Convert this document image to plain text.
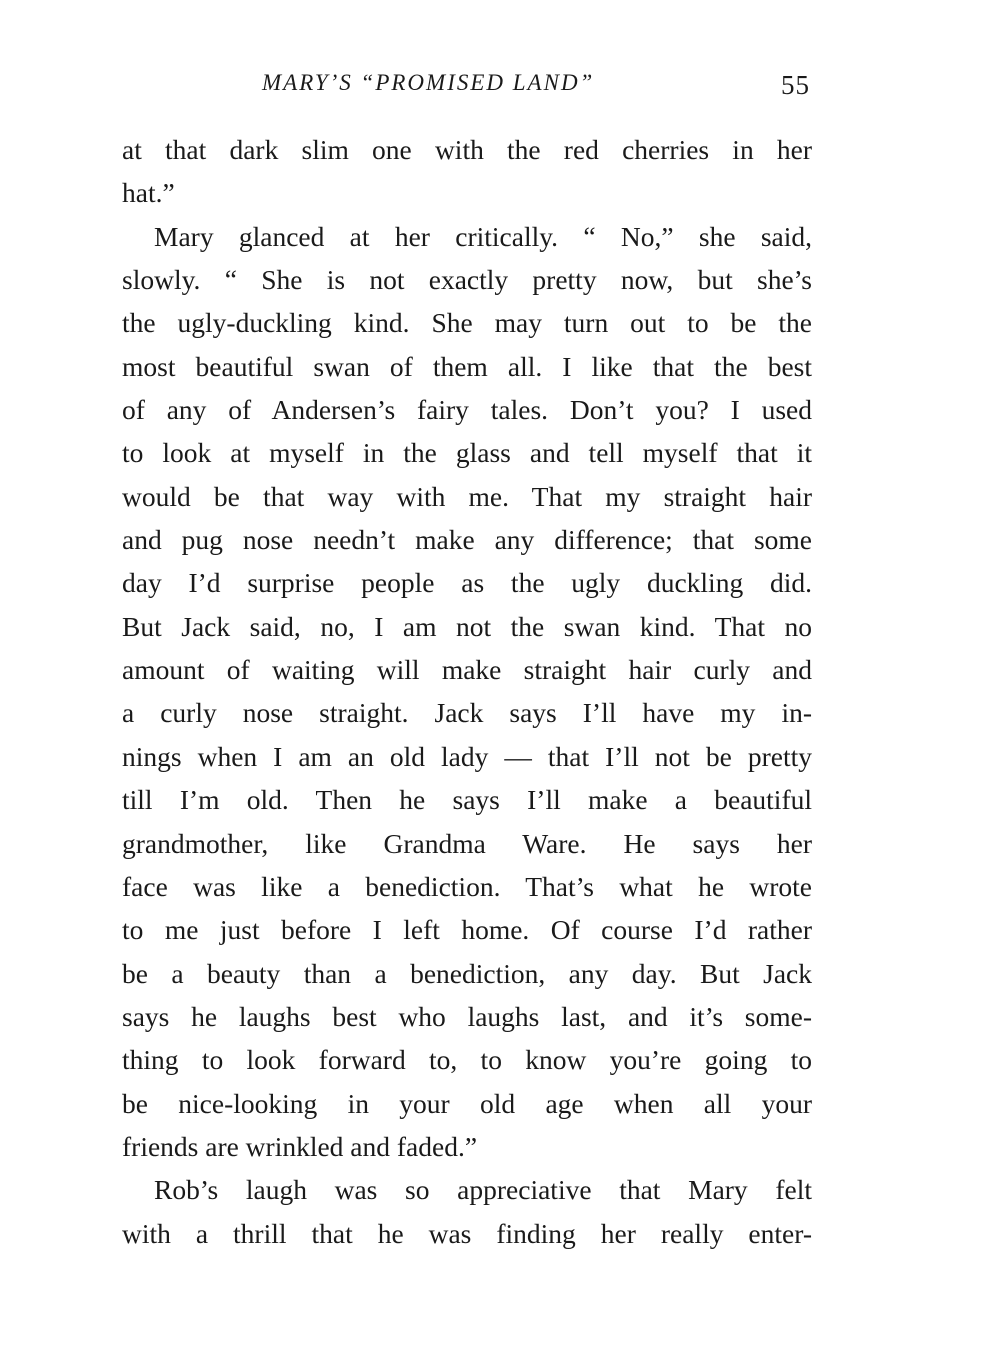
MARY’S “PROMISED LAND”	55
at that dark slim one with the red cherries in her
hat.”
Mary glanced at her critically. “ No,” she said,
slowly. “ She is not exactly pretty now, but she’s
the ugly-duckling kind. She may turn out to be the
most beautiful swan of them all. I like that the best
of any of Andersen’s fairy tales. Don’t you? I used
to look at myself in the glass and tell myself that it
would be that way with me. That my straight hair
and pug nose needn’t make any difference; that some
day I’d surprise people as the ugly duckling did.
But Jack said, no, I am not the swan kind. That no
amount of waiting will make straight hair curly and
a curly nose straight. Jack says I’ll have my in-
nings when I am an old lady — that I’ll not be pretty
till I’m old. Then he says I’ll make a beautiful
grandmother, like Grandma Ware. He says her
face was like a benediction. That’s what he wrote
to me just before I left home. Of course I’d rather
be a beauty than a benediction, any day. But Jack
says he laughs best who laughs last, and it’s some-
thing to look forward to, to know you’re going to
be nice-looking in your old age when all your
friends are wrinkled and faded.”
Rob’s laugh was so appreciative that Mary felt
with a thrill that he was finding her really enter-
